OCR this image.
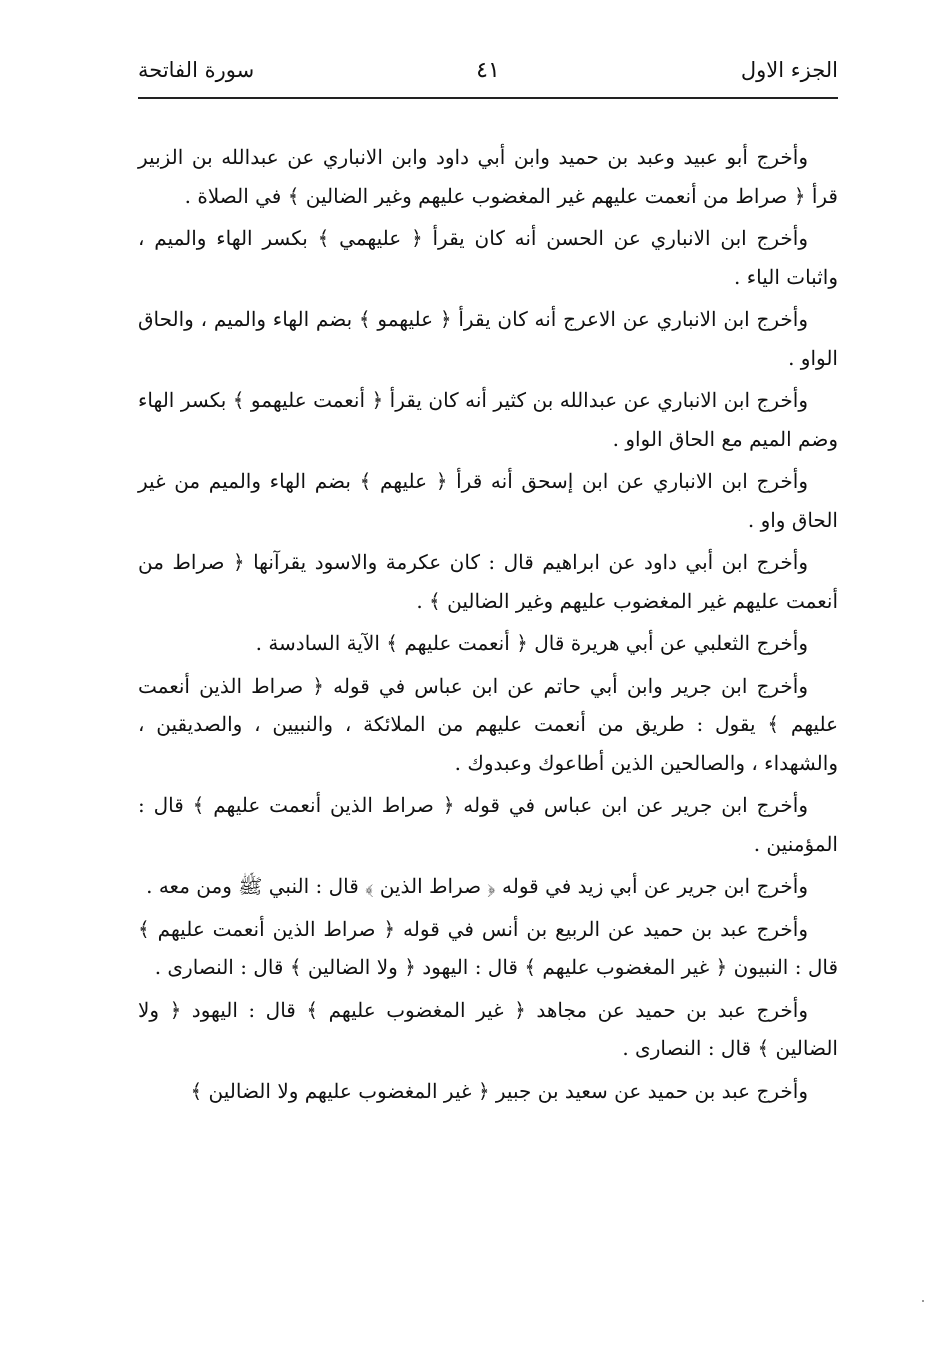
الجزء الاول
٤١
سورة الفاتحة

وأخرج أبو عبيد وعبد بن حميد وابن أبي داود وابن الانباري عن عبدالله بن الزبير قرأ ﴿ صراط من أنعمت عليهم غير المغضوب عليهم وغير الضالين ﴾ في الصلاة .

وأخرج ابن الانباري عن الحسن أنه كان يقرأ ﴿ عليهمي ﴾ بكسر الهاء والميم ، واثبات الياء .

وأخرج ابن الانباري عن الاعرج أنه كان يقرأ ﴿ عليهمو ﴾ بضم الهاء والميم ، والحاق الواو .

وأخرج ابن الانباري عن عبدالله بن كثير أنه كان يقرأ ﴿ أنعمت عليهمو ﴾ بكسر الهاء وضم الميم مع الحاق الواو .

وأخرج ابن الانباري عن ابن إسحق أنه قرأ ﴿ عليهم ﴾ بضم الهاء والميم من غير الحاق واو .

وأخرج ابن أبي داود عن ابراهيم قال : كان عكرمة والاسود يقرآنها ﴿ صراط من أنعمت عليهم غير المغضوب عليهم وغير الضالين ﴾ .

وأخرج الثعلبي عن أبي هريرة قال ﴿ أنعمت عليهم ﴾ الآية السادسة .

وأخرج ابن جرير وابن أبي حاتم عن ابن عباس في قوله ﴿ صراط الذين أنعمت عليهم ﴾ يقول : طريق من أنعمت عليهم من الملائكة ، والنبيين ، والصديقين ، والشهداء ، والصالحين الذين أطاعوك وعبدوك .

وأخرج ابن جرير عن ابن عباس في قوله ﴿ صراط الذين أنعمت عليهم ﴾ قال : المؤمنين .

وأخرج ابن جرير عن أبي زيد في قوله ﴿ صراط الذين ﴾ قال : النبي ﷺ ومن معه .

وأخرج عبد بن حميد عن الربيع بن أنس في قوله ﴿ صراط الذين أنعمت عليهم ﴾ قال : النبيون ﴿ غير المغضوب عليهم ﴾ قال : اليهود ﴿ ولا الضالين ﴾ قال : النصارى .

وأخرج عبد بن حميد عن مجاهد ﴿ غير المغضوب عليهم ﴾ قال : اليهود ﴿ ولا الضالين ﴾ قال : النصارى .

وأخرج عبد بن حميد عن سعيد بن جبير ﴿ غير المغضوب عليهم ولا الضالين ﴾
